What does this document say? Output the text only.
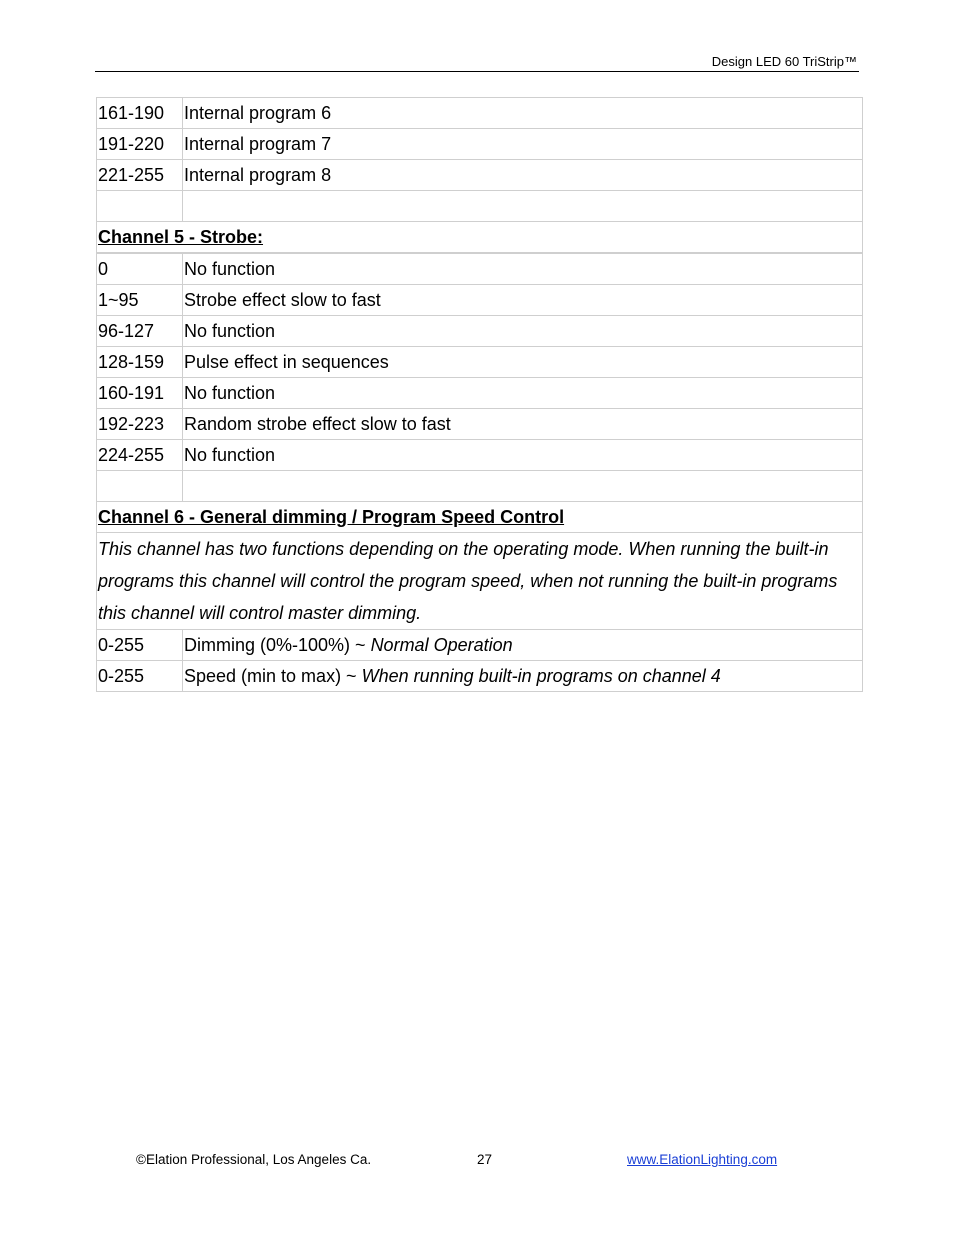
Design LED 60 TriStrip™
161-190	Internal program 6
191-220	Internal program 7
221-255	Internal program 8

Channel 5 - Strobe:	
0	No function
1~95	Strobe effect slow to fast
96-127	No function
128-159	Pulse effect in sequences
160-191	No function
192-223	Random strobe effect slow to fast
224-255	No function

Channel 6 - General dimming / Program Speed Control	
This channel has two functions depending on the operating mode. When running the built-in programs this channel will control the program speed, when not running the built-in programs this channel will control master dimming.	
0-255	Dimming (0%-100%) ~ Normal Operation
0-255	Speed (min to max) ~ When running built-in programs on channel 4
©Elation Professional, Los Angeles Ca.	27	www.ElationLighting.com
